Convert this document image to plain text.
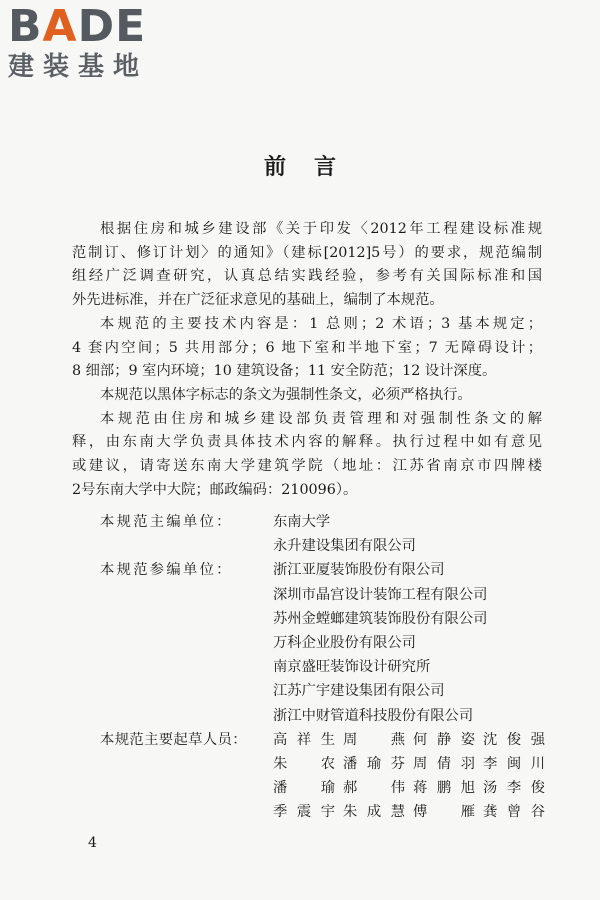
BADE
建装基地
前言
根据住房和城乡建设部《关于印发〈2012年工程建设标准规
范制订、修订计划〉的通知》（建标[2012]5号）的要求，规范编制
组经广泛调查研究，认真总结实践经验，参考有关国际标准和国
外先进标准，并在广泛征求意见的基础上，编制了本规范。
本规范的主要技术内容是：1 总则；2 术语；3 基本规定；
4 套内空间；5 共用部分；6 地下室和半地下室；7 无障碍设计；
8 细部；9 室内环境；10 建筑设备；11 安全防范；12 设计深度。
本规范以黑体字标志的条文为强制性条文，必须严格执行。
本规范由住房和城乡建设部负责管理和对强制性条文的解
释，由东南大学负责具体技术内容的解释。执行过程中如有意见
或建议，请寄送东南大学建筑学院（地址：江苏省南京市四牌楼
2号东南大学中大院；邮政编码：210096）。
本规范主编单位：	东南大学
永升建设集团有限公司
本规范参编单位：	浙江亚厦装饰股份有限公司
深圳市晶宫设计装饰工程有限公司
苏州金螳螂建筑装饰股份有限公司
万科企业股份有限公司
南京盛旺装饰设计研究所
江苏广宇建设集团有限公司
浙江中财管道科技股份有限公司
本规范主要起草人员：	高祥生 周燕 何静姿 沈俊强
朱农 潘瑜芬 周倩羽 李闽川
潘瑜 郝伟 蒋鹏旭 汤李俊
季震宇 朱成慧 傅雁 龚曾谷
4
